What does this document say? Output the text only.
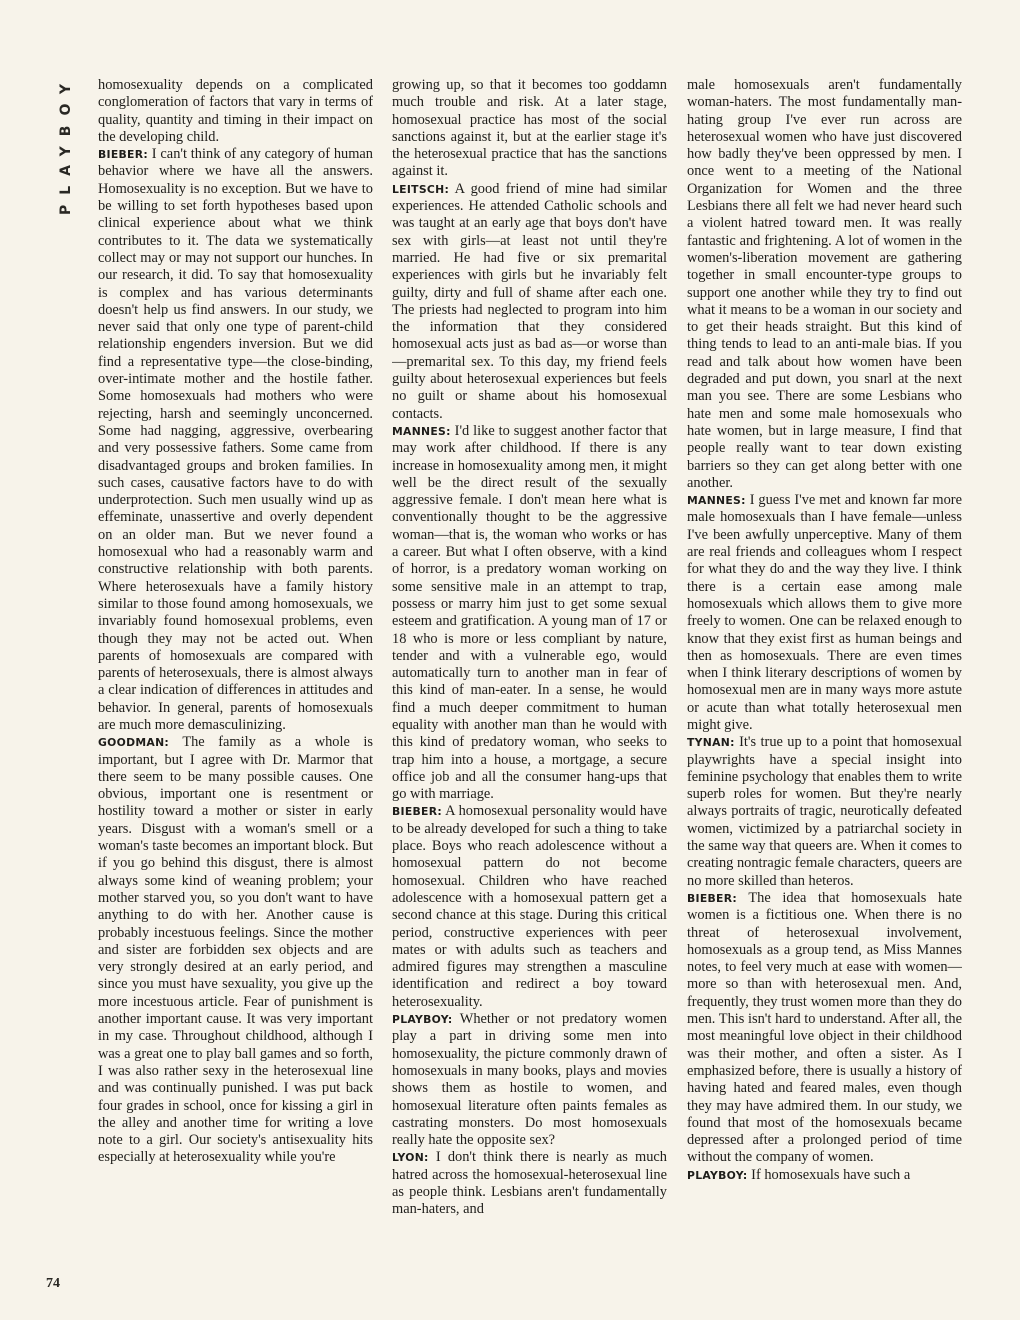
PLAYBOY
74

homosexuality depends on a complicated conglomeration of factors that vary in terms of quality, quantity and timing in their impact on the developing child.

BIEBER: I can't think of any category of human behavior where we have all the answers. Homosexuality is no exception. But we have to be willing to set forth hypotheses based upon clinical experience about what we think contributes to it. The data we systematically collect may or may not support our hunches. In our research, it did. To say that homosexuality is complex and has various determinants doesn't help us find answers. In our study, we never said that only one type of parent-child relationship engenders inversion. But we did find a representative type—the close-binding, over-intimate mother and the hostile father. Some homosexuals had mothers who were rejecting, harsh and seemingly unconcerned. Some had nagging, aggressive, overbearing and very possessive fathers. Some came from disadvantaged groups and broken families. In such cases, causative factors have to do with underprotection. Such men usually wind up as effeminate, unassertive and overly dependent on an older man. But we never found a homosexual who had a reasonably warm and constructive relationship with both parents. Where heterosexuals have a family history similar to those found among homosexuals, we invariably found homosexual problems, even though they may not be acted out. When parents of homosexuals are compared with parents of heterosexuals, there is almost always a clear indication of differences in attitudes and behavior. In general, parents of homosexuals are much more demasculinizing.

GOODMAN: The family as a whole is important, but I agree with Dr. Marmor that there seem to be many possible causes. One obvious, important one is resentment or hostility toward a mother or sister in early years. Disgust with a woman's smell or a woman's taste becomes an important block. But if you go behind this disgust, there is almost always some kind of weaning problem; your mother starved you, so you don't want to have anything to do with her. Another cause is probably incestuous feelings. Since the mother and sister are forbidden sex objects and are very strongly desired at an early period, and since you must have sexuality, you give up the more incestuous article. Fear of punishment is another important cause. It was very important in my case. Throughout childhood, although I was a great one to play ball games and so forth, I was also rather sexy in the heterosexual line and was continually punished. I was put back four grades in school, once for kissing a girl in the alley and another time for writing a love note to a girl. Our society's antisexuality hits especially at heterosexuality while you're

growing up, so that it becomes too goddamn much trouble and risk. At a later stage, homosexual practice has most of the social sanctions against it, but at the earlier stage it's the heterosexual practice that has the sanctions against it.

LEITSCH: A good friend of mine had similar experiences. He attended Catholic schools and was taught at an early age that boys don't have sex with girls—at least not until they're married. He had five or six premarital experiences with girls but he invariably felt guilty, dirty and full of shame after each one. The priests had neglected to program into him the information that they considered homosexual acts just as bad as—or worse than—premarital sex. To this day, my friend feels guilty about heterosexual experiences but feels no guilt or shame about his homosexual contacts.

MANNES: I'd like to suggest another factor that may work after childhood. If there is any increase in homosexuality among men, it might well be the direct result of the sexually aggressive female. I don't mean here what is conventionally thought to be the aggressive woman—that is, the woman who works or has a career. But what I often observe, with a kind of horror, is a predatory woman working on some sensitive male in an attempt to trap, possess or marry him just to get some sexual esteem and gratification. A young man of 17 or 18 who is more or less compliant by nature, tender and with a vulnerable ego, would automatically turn to another man in fear of this kind of man-eater. In a sense, he would find a much deeper commitment to human equality with another man than he would with this kind of predatory woman, who seeks to trap him into a house, a mortgage, a secure office job and all the consumer hang-ups that go with marriage.

BIEBER: A homosexual personality would have to be already developed for such a thing to take place. Boys who reach adolescence without a homosexual pattern do not become homosexual. Children who have reached adolescence with a homosexual pattern get a second chance at this stage. During this critical period, constructive experiences with peer mates or with adults such as teachers and admired figures may strengthen a masculine identification and redirect a boy toward heterosexuality.

PLAYBOY: Whether or not predatory women play a part in driving some men into homosexuality, the picture commonly drawn of homosexuals in many books, plays and movies shows them as hostile to women, and homosexual literature often paints females as castrating monsters. Do most homosexuals really hate the opposite sex?

LYON: I don't think there is nearly as much hatred across the homosexual-heterosexual line as people think. Lesbians aren't fundamentally man-haters, and

male homosexuals aren't fundamentally woman-haters. The most fundamentally man-hating group I've ever run across are heterosexual women who have just discovered how badly they've been oppressed by men. I once went to a meeting of the National Organization for Women and the three Lesbians there all felt we had never heard such a violent hatred toward men. It was really fantastic and frightening. A lot of women in the women's-liberation movement are gathering together in small encounter-type groups to support one another while they try to find out what it means to be a woman in our society and to get their heads straight. But this kind of thing tends to lead to an anti-male bias. If you read and talk about how women have been degraded and put down, you snarl at the next man you see. There are some Lesbians who hate men and some male homosexuals who hate women, but in large measure, I find that people really want to tear down existing barriers so they can get along better with one another.

MANNES: I guess I've met and known far more male homosexuals than I have female—unless I've been awfully unperceptive. Many of them are real friends and colleagues whom I respect for what they do and the way they live. I think there is a certain ease among male homosexuals which allows them to give more freely to women. One can be relaxed enough to know that they exist first as human beings and then as homosexuals. There are even times when I think literary descriptions of women by homosexual men are in many ways more astute or acute than what totally heterosexual men might give.

TYNAN: It's true up to a point that homosexual playwrights have a special insight into feminine psychology that enables them to write superb roles for women. But they're nearly always portraits of tragic, neurotically defeated women, victimized by a patriarchal society in the same way that queers are. When it comes to creating nontragic female characters, queers are no more skilled than heteros.

BIEBER: The idea that homosexuals hate women is a fictitious one. When there is no threat of heterosexual involvement, homosexuals as a group tend, as Miss Mannes notes, to feel very much at ease with women—more so than with heterosexual men. And, frequently, they trust women more than they do men. This isn't hard to understand. After all, the most meaningful love object in their childhood was their mother, and often a sister. As I emphasized before, there is usually a history of having hated and feared males, even though they may have admired them. In our study, we found that most of the homosexuals became depressed after a prolonged period of time without the company of women.

PLAYBOY: If homosexuals have such a
